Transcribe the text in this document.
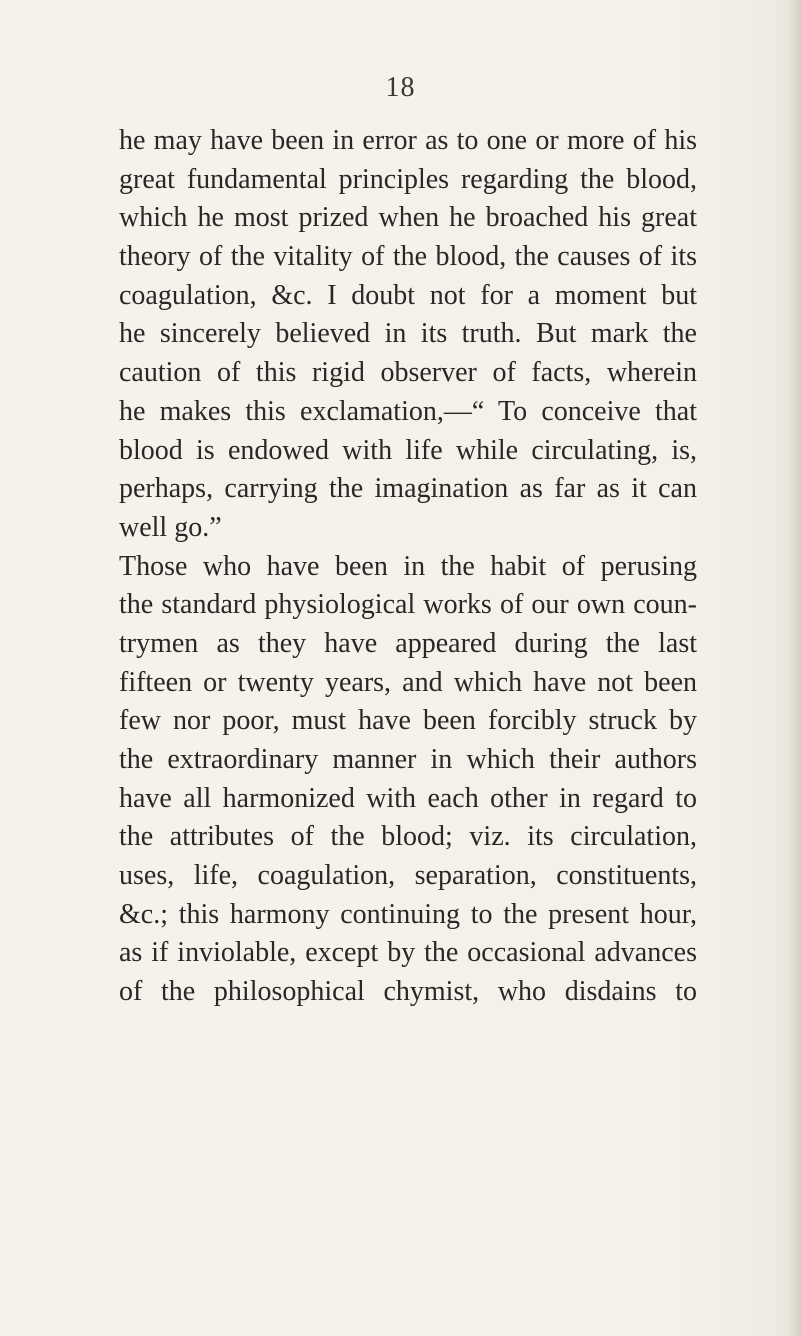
18
he may have been in error as to one or more of his
great fundamental principles regarding the blood,
which he most prized when he broached his great
theory of the vitality of the blood, the causes of its
coagulation, &c. I doubt not for a moment but
he sincerely believed in its truth. But mark the
caution of this rigid observer of facts, wherein
he makes this exclamation,—“ To conceive that
blood is endowed with life while circulating, is,
perhaps, carrying the imagination as far as it can
well go.”
Those who have been in the habit of perusing
the standard physiological works of our own coun-
trymen as they have appeared during the last
fifteen or twenty years, and which have not been
few nor poor, must have been forcibly struck by
the extraordinary manner in which their authors
have all harmonized with each other in regard to
the attributes of the blood; viz. its circulation,
uses, life, coagulation, separation, constituents,
&c.; this harmony continuing to the present hour,
as if inviolable, except by the occasional advances
of the philosophical chymist, who disdains to
